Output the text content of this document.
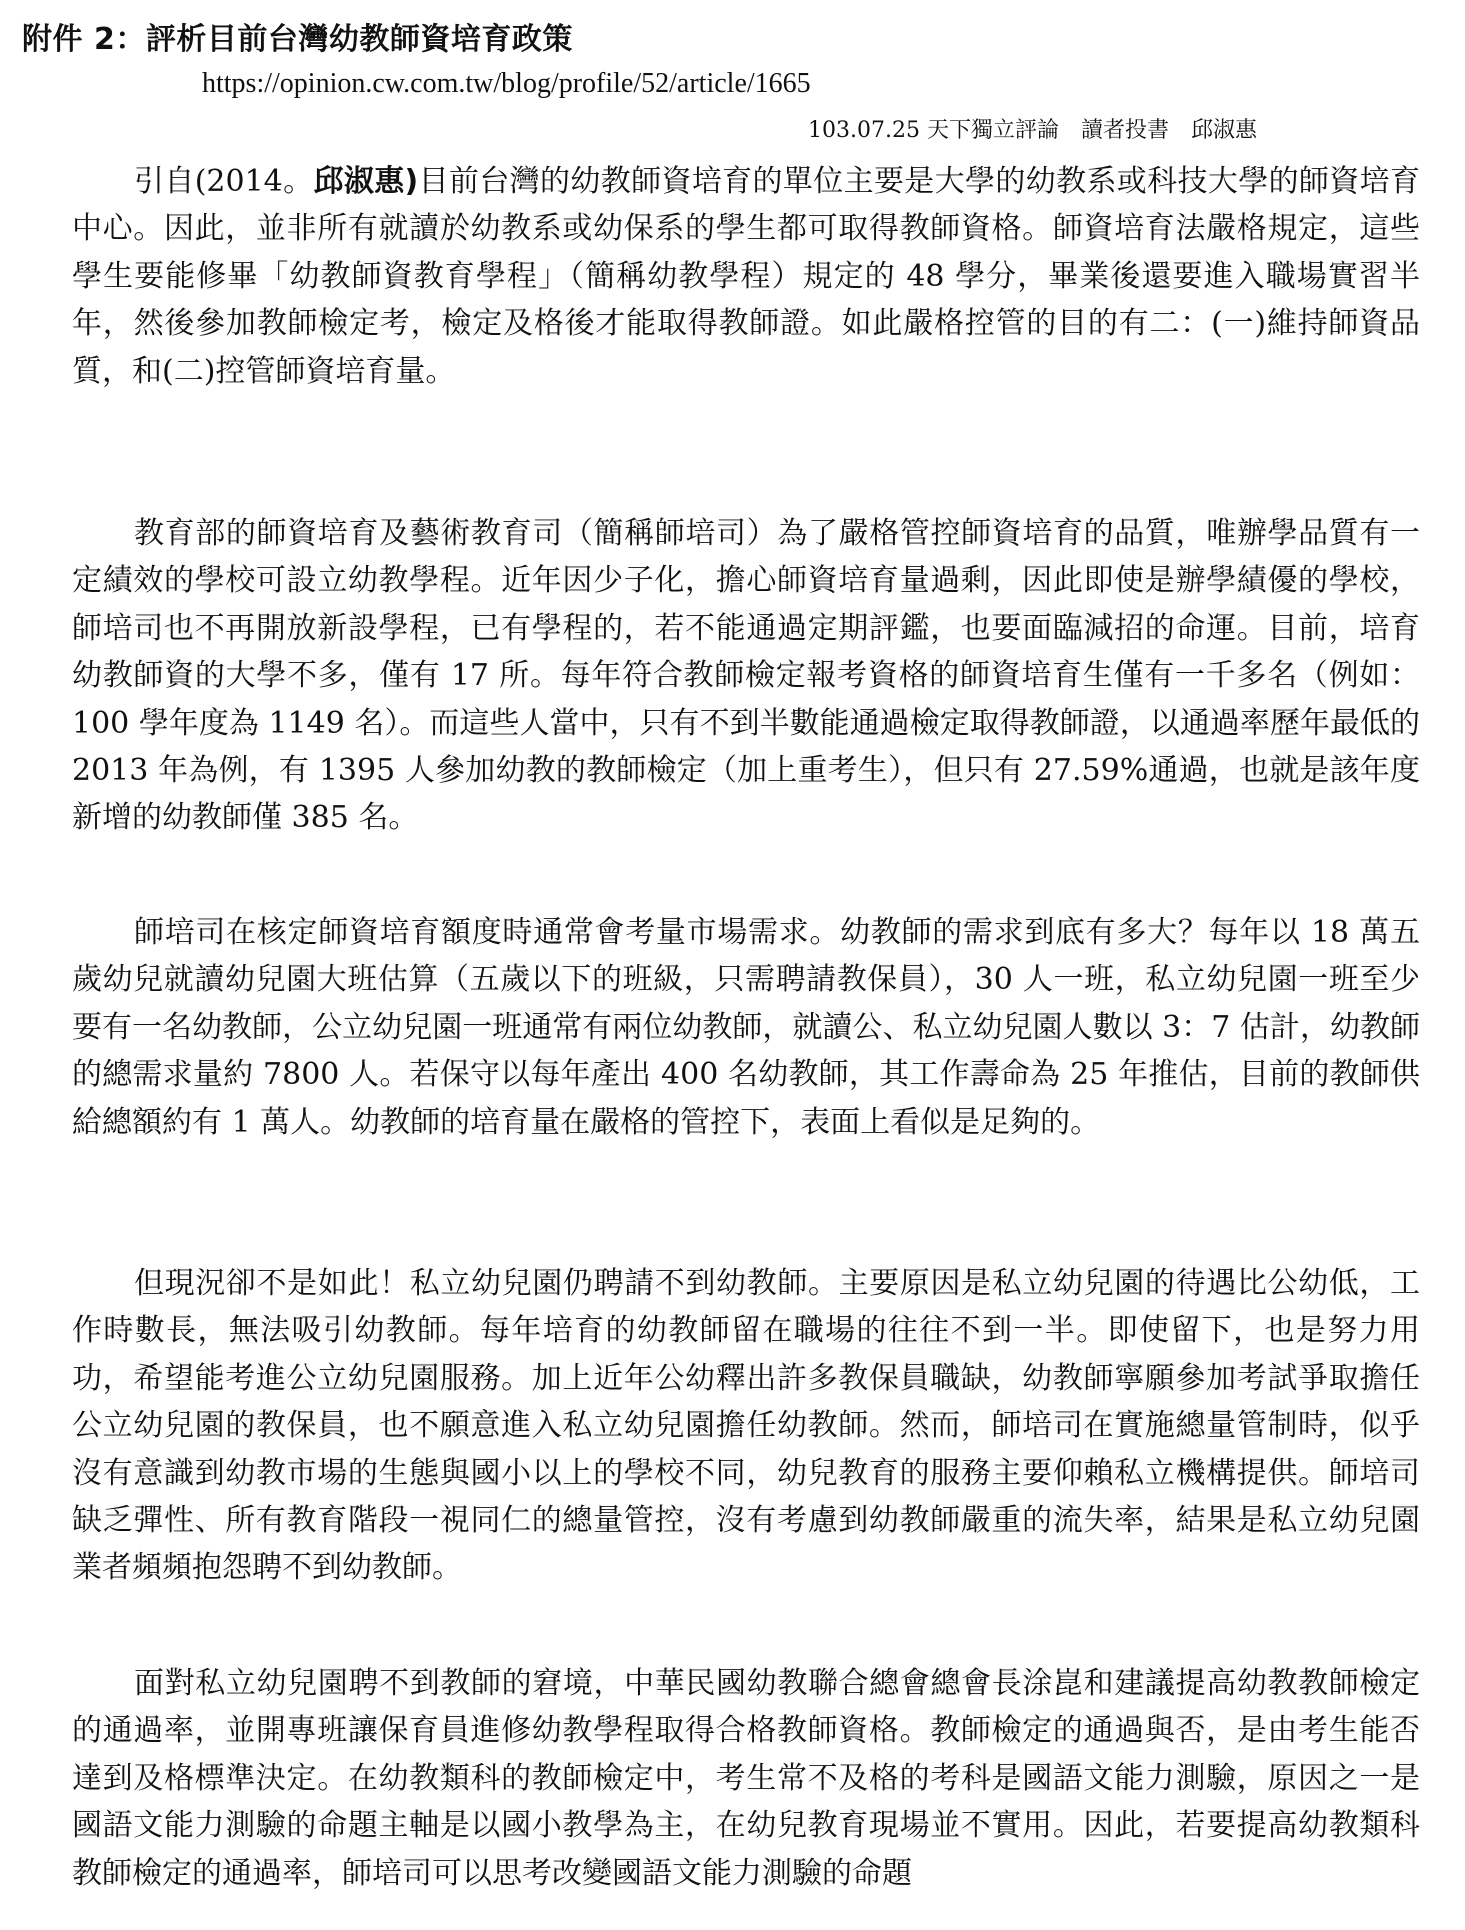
附件 2：評析目前台灣幼教師資培育政策
https://opinion.cw.com.tw/blog/profile/52/article/1665
103.07.25 天下獨立評論　讀者投書　邱淑惠

引自(2014。邱淑惠)目前台灣的幼教師資培育的單位主要是大學的幼教系或科技大學的師資培育中心。因此，並非所有就讀於幼教系或幼保系的學生都可取得教師資格。師資培育法嚴格規定，這些學生要能修畢「幼教師資教育學程」（簡稱幼教學程）規定的 48 學分，畢業後還要進入職場實習半年，然後參加教師檢定考，檢定及格後才能取得教師證。如此嚴格控管的目的有二：(一)維持師資品質，和(二)控管師資培育量。

教育部的師資培育及藝術教育司（簡稱師培司）為了嚴格管控師資培育的品質，唯辦學品質有一定績效的學校可設立幼教學程。近年因少子化，擔心師資培育量過剩，因此即使是辦學績優的學校，師培司也不再開放新設學程，已有學程的，若不能通過定期評鑑，也要面臨減招的命運。目前，培育幼教師資的大學不多，僅有 17 所。每年符合教師檢定報考資格的師資培育生僅有一千多名（例如：100 學年度為 1149 名）。而這些人當中，只有不到半數能通過檢定取得教師證，以通過率歷年最低的 2013 年為例，有 1395 人參加幼教的教師檢定（加上重考生），但只有 27.59%通過，也就是該年度新增的幼教師僅 385 名。

師培司在核定師資培育額度時通常會考量市場需求。幼教師的需求到底有多大？每年以 18 萬五歲幼兒就讀幼兒園大班估算（五歲以下的班級，只需聘請教保員），30 人一班，私立幼兒園一班至少要有一名幼教師，公立幼兒園一班通常有兩位幼教師，就讀公、私立幼兒園人數以 3：7 估計，幼教師的總需求量約 7800 人。若保守以每年產出 400 名幼教師，其工作壽命為 25 年推估，目前的教師供給總額約有 1 萬人。幼教師的培育量在嚴格的管控下，表面上看似是足夠的。

但現況卻不是如此！私立幼兒園仍聘請不到幼教師。主要原因是私立幼兒園的待遇比公幼低，工作時數長，無法吸引幼教師。每年培育的幼教師留在職場的往往不到一半。即使留下，也是努力用功，希望能考進公立幼兒園服務。加上近年公幼釋出許多教保員職缺，幼教師寧願參加考試爭取擔任公立幼兒園的教保員，也不願意進入私立幼兒園擔任幼教師。然而，師培司在實施總量管制時，似乎沒有意識到幼教市場的生態與國小以上的學校不同，幼兒教育的服務主要仰賴私立機構提供。師培司缺乏彈性、所有教育階段一視同仁的總量管控，沒有考慮到幼教師嚴重的流失率，結果是私立幼兒園業者頻頻抱怨聘不到幼教師。

面對私立幼兒園聘不到教師的窘境，中華民國幼教聯合總會總會長涂崑和建議提高幼教教師檢定的通過率，並開專班讓保育員進修幼教學程取得合格教師資格。教師檢定的通過與否，是由考生能否達到及格標準決定。在幼教類科的教師檢定中，考生常不及格的考科是國語文能力測驗，原因之一是國語文能力測驗的命題主軸是以國小教學為主，在幼兒教育現場並不實用。因此，若要提高幼教類科教師檢定的通過率，師培司可以思考改變國語文能力測驗的命題
